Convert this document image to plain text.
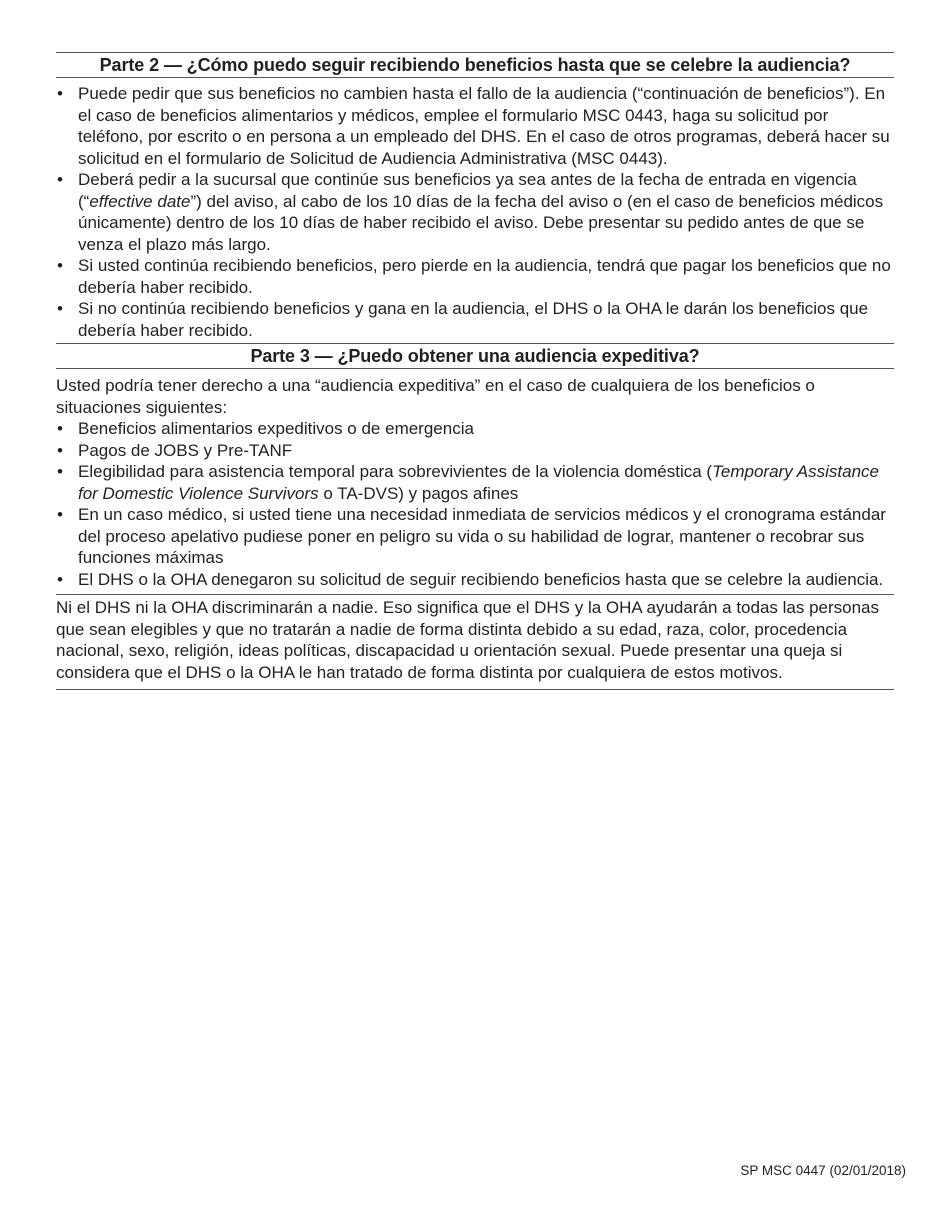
Parte 2 — ¿Cómo puedo seguir recibiendo beneficios hasta que se celebre la audiencia?
• Puede pedir que sus beneficios no cambien hasta el fallo de la audiencia (“continuación de beneficios”). En el caso de beneficios alimentarios y médicos, emplee el formulario MSC 0443, haga su solicitud por teléfono, por escrito o en persona a un empleado del DHS. En el caso de otros programas, deberá hacer su solicitud en el formulario de Solicitud de Audiencia Administrativa (MSC 0443).
• Deberá pedir a la sucursal que continúe sus beneficios ya sea antes de la fecha de entrada en vigencia (“effective date”) del aviso, al cabo de los 10 días de la fecha del aviso o (en el caso de beneficios médicos únicamente) dentro de los 10 días de haber recibido el aviso. Debe presentar su pedido antes de que se venza el plazo más largo.
• Si usted continúa recibiendo beneficios, pero pierde en la audiencia, tendrá que pagar los beneficios que no debería haber recibido.
• Si no continúa recibiendo beneficios y gana en la audiencia, el DHS o la OHA le darán los beneficios que debería haber recibido.
Parte 3 — ¿Puedo obtener una audiencia expeditiva?

Usted podría tener derecho a una “audiencia expeditiva” en el caso de cualquiera de los beneficios o situaciones siguientes:

• Beneficios alimentarios expeditivos o de emergencia
• Pagos de JOBS y Pre-TANF
• Elegibilidad para asistencia temporal para sobrevivientes de la violencia doméstica (Temporary Assistance for Domestic Violence Survivors o TA-DVS) y pagos afines
• En un caso médico, si usted tiene una necesidad inmediata de servicios médicos y el cronograma estándar del proceso apelativo pudiese poner en peligro su vida o su habilidad de lograr, mantener o recobrar sus funciones máximas
• El DHS o la OHA denegaron su solicitud de seguir recibiendo beneficios hasta que se celebre la audiencia.

Ni el DHS ni la OHA discriminarán a nadie. Eso significa que el DHS y la OHA ayudarán a todas las personas que sean elegibles y que no tratarán a nadie de forma distinta debido a su edad, raza, color, procedencia nacional, sexo, religión, ideas políticas, discapacidad u orientación sexual. Puede presentar una queja si considera que el DHS o la OHA le han tratado de forma distinta por cualquiera de estos motivos.

SP MSC 0447 (02/01/2018)
